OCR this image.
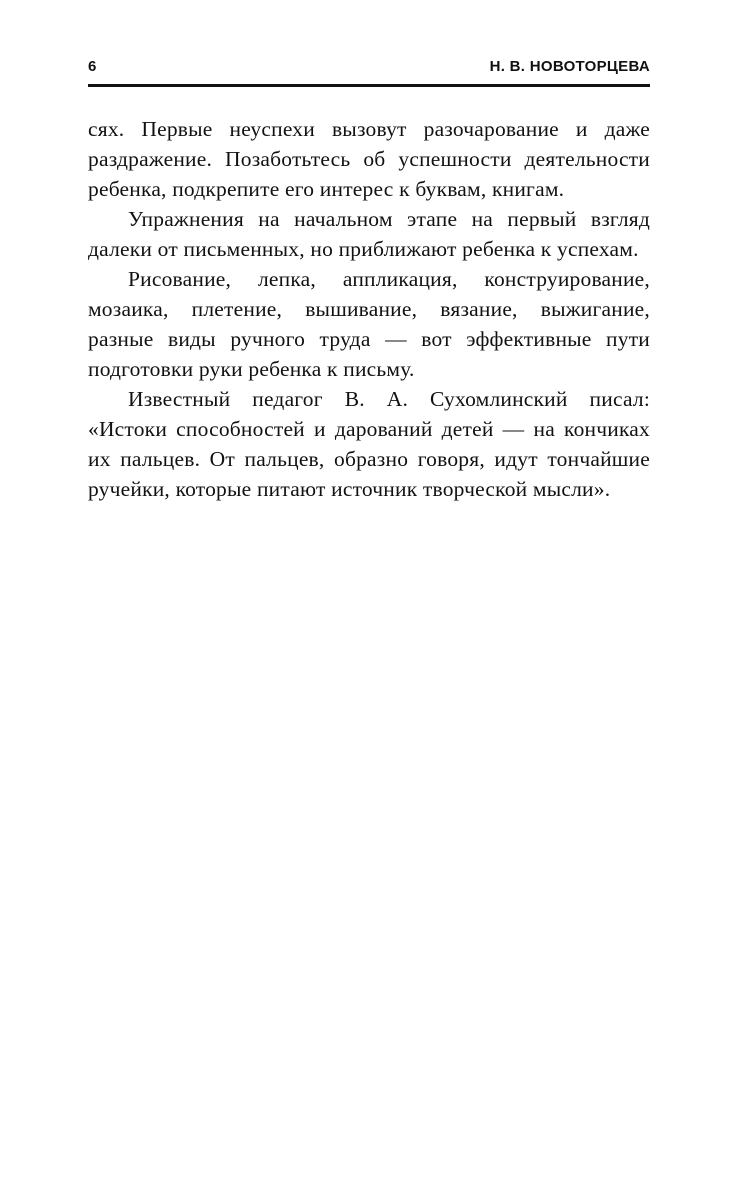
6	Н. В. НОВОТОРЦЕВА

сях. Первые неуспехи вызовут разочарование и даже раздражение. Позаботьтесь об успешности деятельности ребенка, подкрепите его интерес к буквам, книгам.

Упражнения на начальном этапе на первый взгляд далеки от письменных, но приближают ребенка к успехам.

Рисование, лепка, аппликация, конструирование, мозаика, плетение, вышивание, вязание, выжигание, разные виды ручного труда — вот эффективные пути подготовки руки ребенка к письму.

Известный педагог В. А. Сухомлинский писал: «Истоки способностей и дарований детей — на кончиках их пальцев. От пальцев, образно говоря, идут тончайшие ручейки, которые питают источник творческой мысли».
